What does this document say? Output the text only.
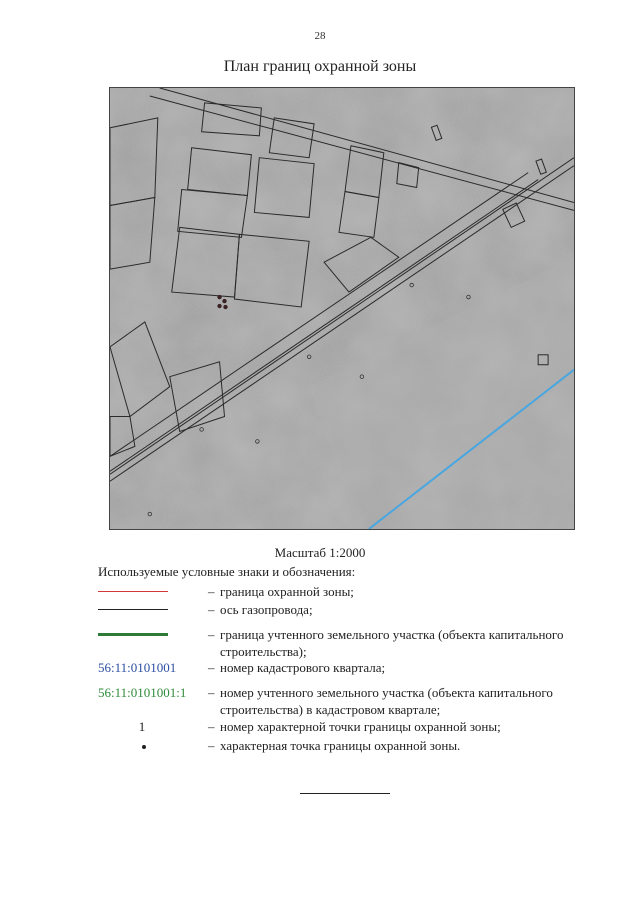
28
План границ охранной зоны
Масштаб 1:2000
Используемые условные знаки и обозначения:
– граница охранной зоны;
– ось газопровода;
– граница учтенного земельного участка (объекта капитального строительства);
56:11:0101001 – номер кадастрового квартала;
56:11:0101001:1 – номер учтенного земельного участка (объекта капитального строительства) в кадастровом квартале;
1	– номер характерной точки границы охранной зоны;
– характерная точка границы охранной зоны.
